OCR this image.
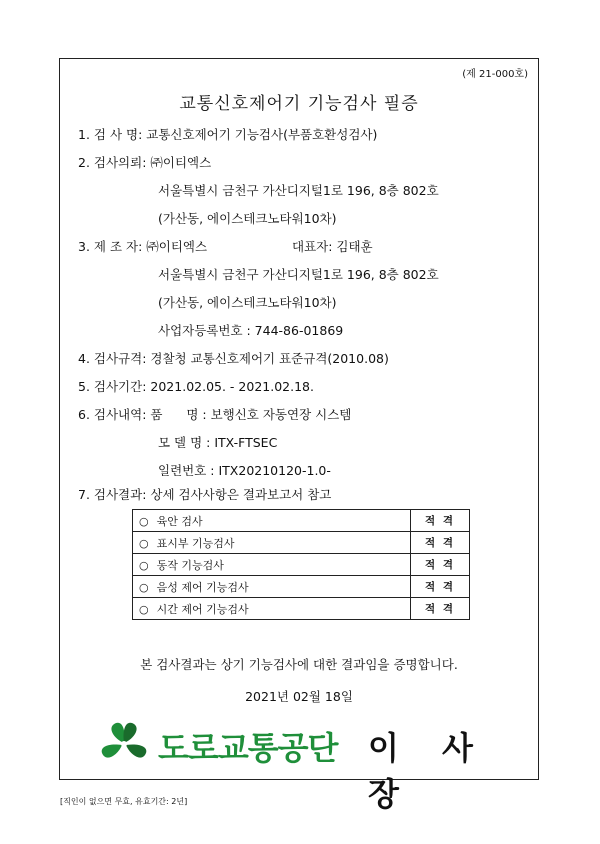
(제 21-000호)
교통신호제어기 기능검사 필증
1. 검 사 명: 교통신호제어기 기능검사(부품호환성검사)
2. 검사의뢰: ㈜이티엑스
서울특별시 금천구 가산디지털1로 196, 8층 802호
(가산동, 에이스테크노타워10차)
3. 제 조 자: ㈜이티엑스	대표자: 김태훈
서울특별시 금천구 가산디지털1로 196, 8층 802호
(가산동, 에이스테크노타워10차)
사업자등록번호 : 744-86-01869
4. 검사규격: 경찰청 교통신호제어기 표준규격(2010.08)
5. 검사기간: 2021.02.05. - 2021.02.18.
6. 검사내역: 품      명 : 보행신호 자동연장 시스템
모 델 명 : ITX-FTSEC
일련번호 : ITX20210120-1.0-
7. 검사결과: 상세 검사사항은 결과보고서 참고
○ 육안 검사	적 격
○ 표시부 기능검사	적 격
○ 동작 기능검사	적 격
○ 음성 제어 기능검사	적 격
○ 시간 제어 기능검사	적 격
본 검사결과는 상기 기능검사에 대한 결과임을 증명합니다.
2021년 02월 18일
도로교통공단 이 사 장
[직인이 없으면 무효, 유효기간: 2년]
